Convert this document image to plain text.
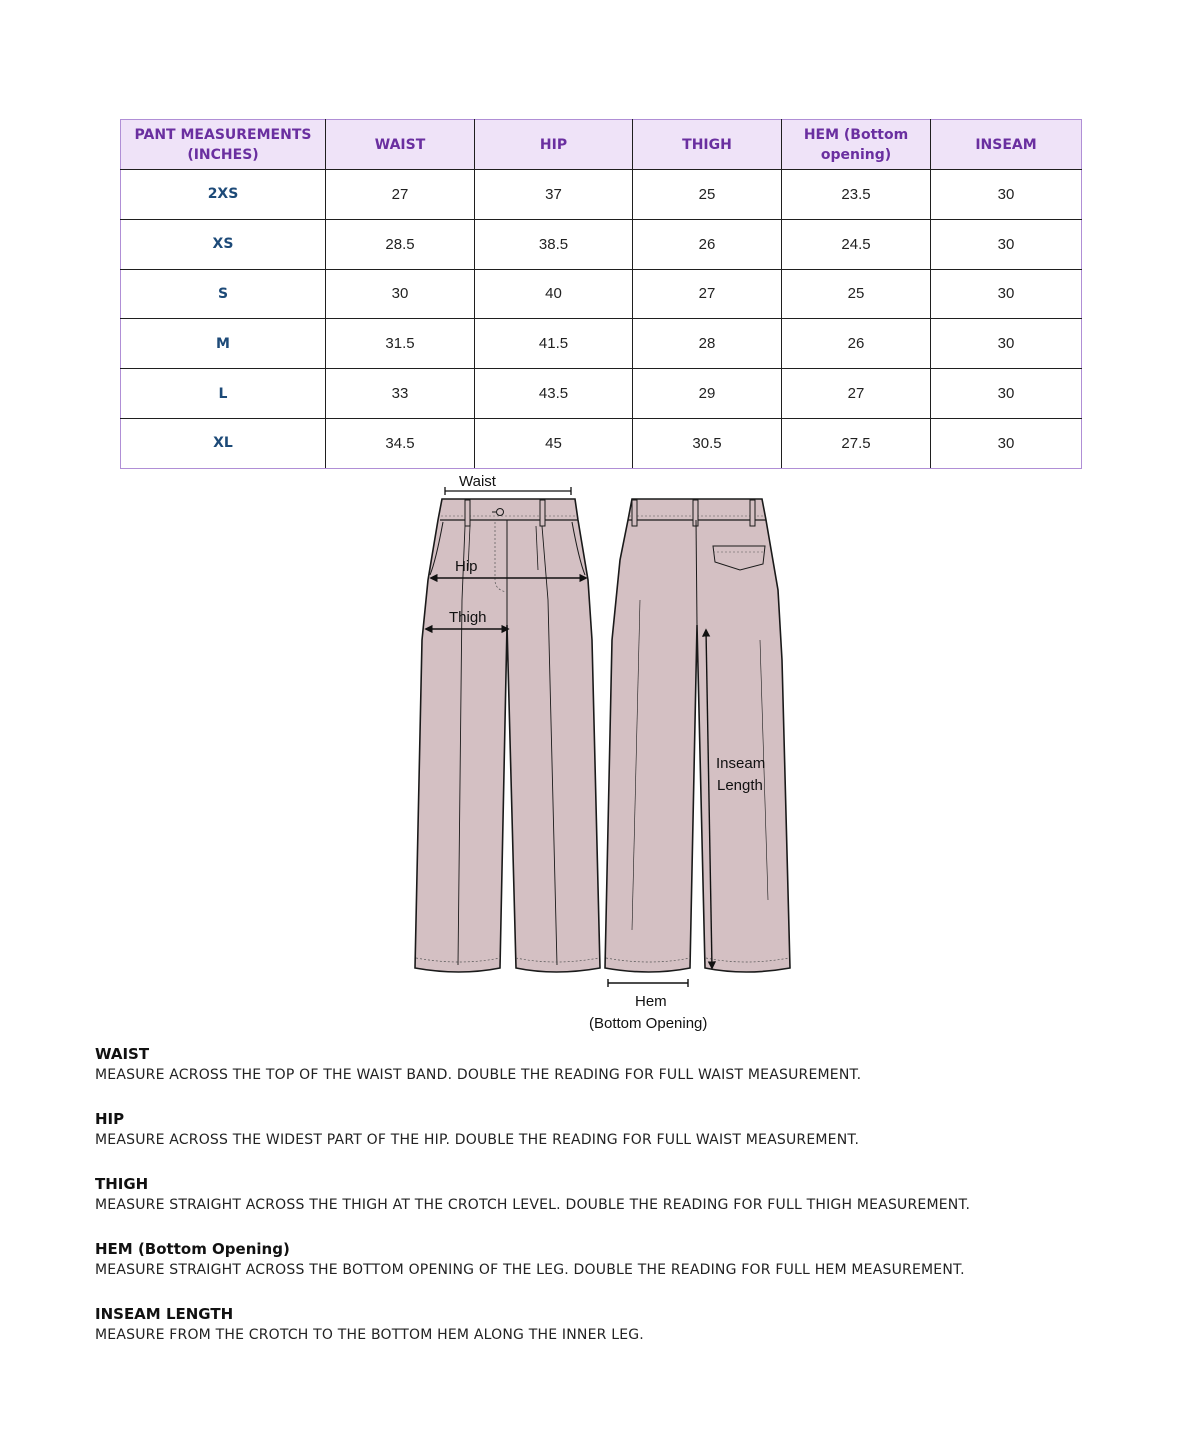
PANT MEASUREMENTS (INCHES)	WAIST	HIP	THIGH	HEM (Bottom opening)	INSEAM
2XS	27	37	25	23.5	30
XS	28.5	38.5	26	24.5	30
S	30	40	27	25	30
M	31.5	41.5	28	26	30
L	33	43.5	29	27	30
XL	34.5	45	30.5	27.5	30
Waist
Hip
Thigh
Inseam
Length
Hem
(Bottom Opening)
WAIST
MEASURE ACROSS THE TOP OF THE WAIST BAND. DOUBLE THE READING FOR FULL WAIST MEASUREMENT.
HIP
MEASURE ACROSS THE WIDEST PART OF THE HIP. DOUBLE THE READING FOR FULL WAIST MEASUREMENT.
THIGH
MEASURE STRAIGHT ACROSS THE THIGH AT THE CROTCH LEVEL. DOUBLE THE READING FOR FULL THIGH MEASUREMENT.
HEM (Bottom Opening)
MEASURE STRAIGHT ACROSS THE BOTTOM OPENING OF THE LEG. DOUBLE THE READING FOR FULL HEM MEASUREMENT.
INSEAM LENGTH
MEASURE FROM THE CROTCH TO THE BOTTOM HEM ALONG THE INNER LEG.
